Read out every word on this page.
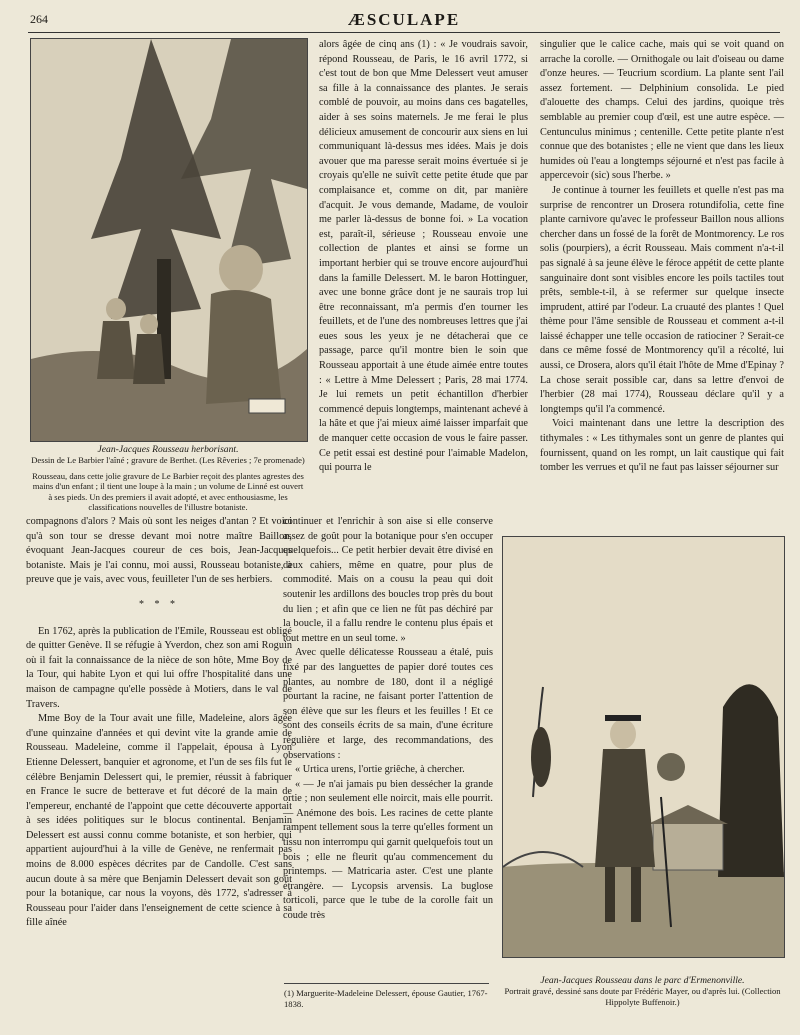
264	ÆSCULAPE
Jean-Jacques Rousseau herborisant.
Dessin de Le Barbier l'aîné ; gravure de Berthet. (Les Rêveries ; 7e promenade)
Rousseau, dans cette jolie gravure de Le Barbier reçoit des plantes agrestes des mains d'un enfant ; il tient une loupe à la main ; un volume de Linné est ouvert à ses pieds. Un des premiers il avait adopté, et avec enthousiasme, les classifications nouvelles de l'illustre botaniste.

compagnons d'alors ? Mais où sont les neiges d'antan ? Et voici qu'à son tour se dresse devant moi notre maître Baillon, évoquant Jean-Jacques coureur de ces bois, Jean-Jacques botaniste. Mais je l'ai connu, moi aussi, Rousseau botaniste, à preuve que je vais, avec vous, feuilleter l'un de ses herbiers.

* * *

En 1762, après la publication de l'Emile, Rousseau est obligé de quitter Genève. Il se réfugie à Yverdon, chez son ami Roguin où il fait la connaissance de la nièce de son hôte, Mme Boy de la Tour, qui habite Lyon et qui lui offre l'hospitalité dans une maison de campagne qu'elle possède à Motiers, dans le val de Travers.

Mme Boy de la Tour avait une fille, Madeleine, alors âgée d'une quinzaine d'années et qui devint vite la grande amie de Rousseau. Madeleine, comme il l'appelait, épousa à Lyon Etienne Delessert, banquier et agronome, et l'un de ses fils fut le célèbre Benjamin Delessert qui, le premier, réussit à fabriquer en France le sucre de betterave et fut décoré de la main de l'empereur, enchanté de l'appoint que cette découverte apportait à ses idées politiques sur le blocus continental. Benjamin Delessert est aussi connu comme botaniste, et son herbier, qui appartient aujourd'hui à la ville de Genève, ne renfermait pas moins de 8.000 espèces décrites par de Candolle. C'est sans aucun doute à sa mère que Benjamin Delessert devait son goût pour la botanique, car nous la voyons, dès 1772, s'adresser à Rousseau pour l'aider dans l'enseignement de cette science à sa fille aînée

alors âgée de cinq ans (1) : « Je voudrais savoir, répond Rousseau, de Paris, le 16 avril 1772, si c'est tout de bon que Mme Delessert veut amuser sa fille à la connaissance des plantes. Je serais comblé de pouvoir, au moins dans ces bagatelles, aider à ses soins maternels. Je me ferai le plus délicieux amusement de concourir aux siens en lui communiquant là-dessus mes idées. Mais je dois avouer que ma paresse serait moins évertuée si je croyais qu'elle ne suivît cette petite étude que par complaisance et, comme on dit, par manière d'acquit. Je vous demande, Madame, de vouloir me parler là-dessus de bonne foi. » La vocation est, paraît-il, sérieuse ; Rousseau envoie une collection de plantes et ainsi se forme un important herbier qui se trouve encore aujourd'hui dans la famille Delessert. M. le baron Hottinguer, avec une bonne grâce dont je ne saurais trop lui être reconnaissant, m'a permis d'en tourner les feuillets, et de l'une des nombreuses lettres que j'ai eues sous les yeux je ne détacherai que ce passage, parce qu'il montre bien le soin que Rousseau apportait à une étude aimée entre toutes : « Lettre à Mme Delessert ; Paris, 28 mai 1774. Je lui remets un petit échantillon d'herbier commencé depuis longtemps, maintenant achevé à la hâte et que j'ai mieux aimé laisser imparfait que de manquer cette occasion de vous le faire passer. Ce petit essai est destiné pour l'aimable Madelon, qui pourra le

continuer et l'enrichir à son aise si elle conserve assez de goût pour la botanique pour s'en occuper quelquefois... Ce petit herbier devait être divisé en deux cahiers, même en quatre, pour plus de commodité. Mais on a cousu la peau qui doit soutenir les ardillons des boucles trop près du bout du lien ; et afin que ce lien ne fût pas déchiré par la boucle, il a fallu rendre le contenu plus épais et tout mettre en un seul tome. »

Avec quelle délicatesse Rousseau a étalé, puis fixé par des languettes de papier doré toutes ces plantes, au nombre de 180, dont il a négligé pourtant la racine, ne faisant porter l'attention de son élève que sur les fleurs et les feuilles ! Et ce sont des conseils écrits de sa main, d'une écriture régulière et large, des recommandations, des observations :

« Urtica urens, l'ortie griêche, à chercher.

« — Je n'ai jamais pu bien dessécher la grande ortie ; non seulement elle noircit, mais elle pourrit. — Anémone des bois. Les racines de cette plante rampent tellement sous la terre qu'elles forment un tissu non interrompu qui garnit quelquefois tout un bois ; elle ne fleurit qu'au commencement du printemps. — Matricaria aster. C'est une plante étrangère. — Lycopsis arvensis. La buglose torticoli, parce que le tube de la corolle fait un coude très

singulier que le calice cache, mais qui se voit quand on arrache la corolle. — Ornithogale ou lait d'oiseau ou dame d'onze heures. — Teucrium scordium. La plante sent l'ail assez fortement. — Delphinium consolida. Le pied d'alouette des champs. Celui des jardins, quoique très semblable au premier coup d'œil, est une autre espèce. — Centunculus minimus ; centenille. Cette petite plante n'est connue que des botanistes ; elle ne vient que dans les lieux humides où l'eau a longtemps séjourné et n'est pas facile à appercevoir (sic) sous l'herbe. »

Je continue à tourner les feuillets et quelle n'est pas ma surprise de rencontrer un Drosera rotundifolia, cette fine plante carnivore qu'avec le professeur Baillon nous allions chercher dans un fossé de la forêt de Montmorency. Le ros solis (pourpiers), a écrit Rousseau. Mais comment n'a-t-il pas signalé à sa jeune élève le féroce appétit de cette plante sanguinaire dont sont visibles encore les poils tactiles tout prêts, semble-t-il, à se refermer sur quelque insecte imprudent, attiré par l'odeur. La cruauté des plantes ! Quel thème pour l'âme sensible de Rousseau et comment a-t-il laissé échapper une telle occasion de ratiociner ? Serait-ce dans ce même fossé de Montmorency qu'il a récolté, lui aussi, ce Drosera, alors qu'il était l'hôte de Mme d'Epinay ? La chose serait possible car, dans sa lettre d'envoi de l'herbier (28 mai 1774), Rousseau déclare qu'il y a longtemps qu'il l'a commencé.

Voici maintenant dans une lettre la description des tithymales : « Les tithymales sont un genre de plantes qui fournissent, quand on les rompt, un lait caustique qui fait tomber les verrues et qu'il ne faut pas laisser séjourner sur

Jean-Jacques Rousseau dans le parc d'Ermenonville.
Portrait gravé, dessiné sans doute par Frédéric Mayer, ou d'après lui. (Collection Hippolyte Buffenoir.)
(1) Marguerite-Madeleine Delessert, épouse Gautier, 1767-1838.
